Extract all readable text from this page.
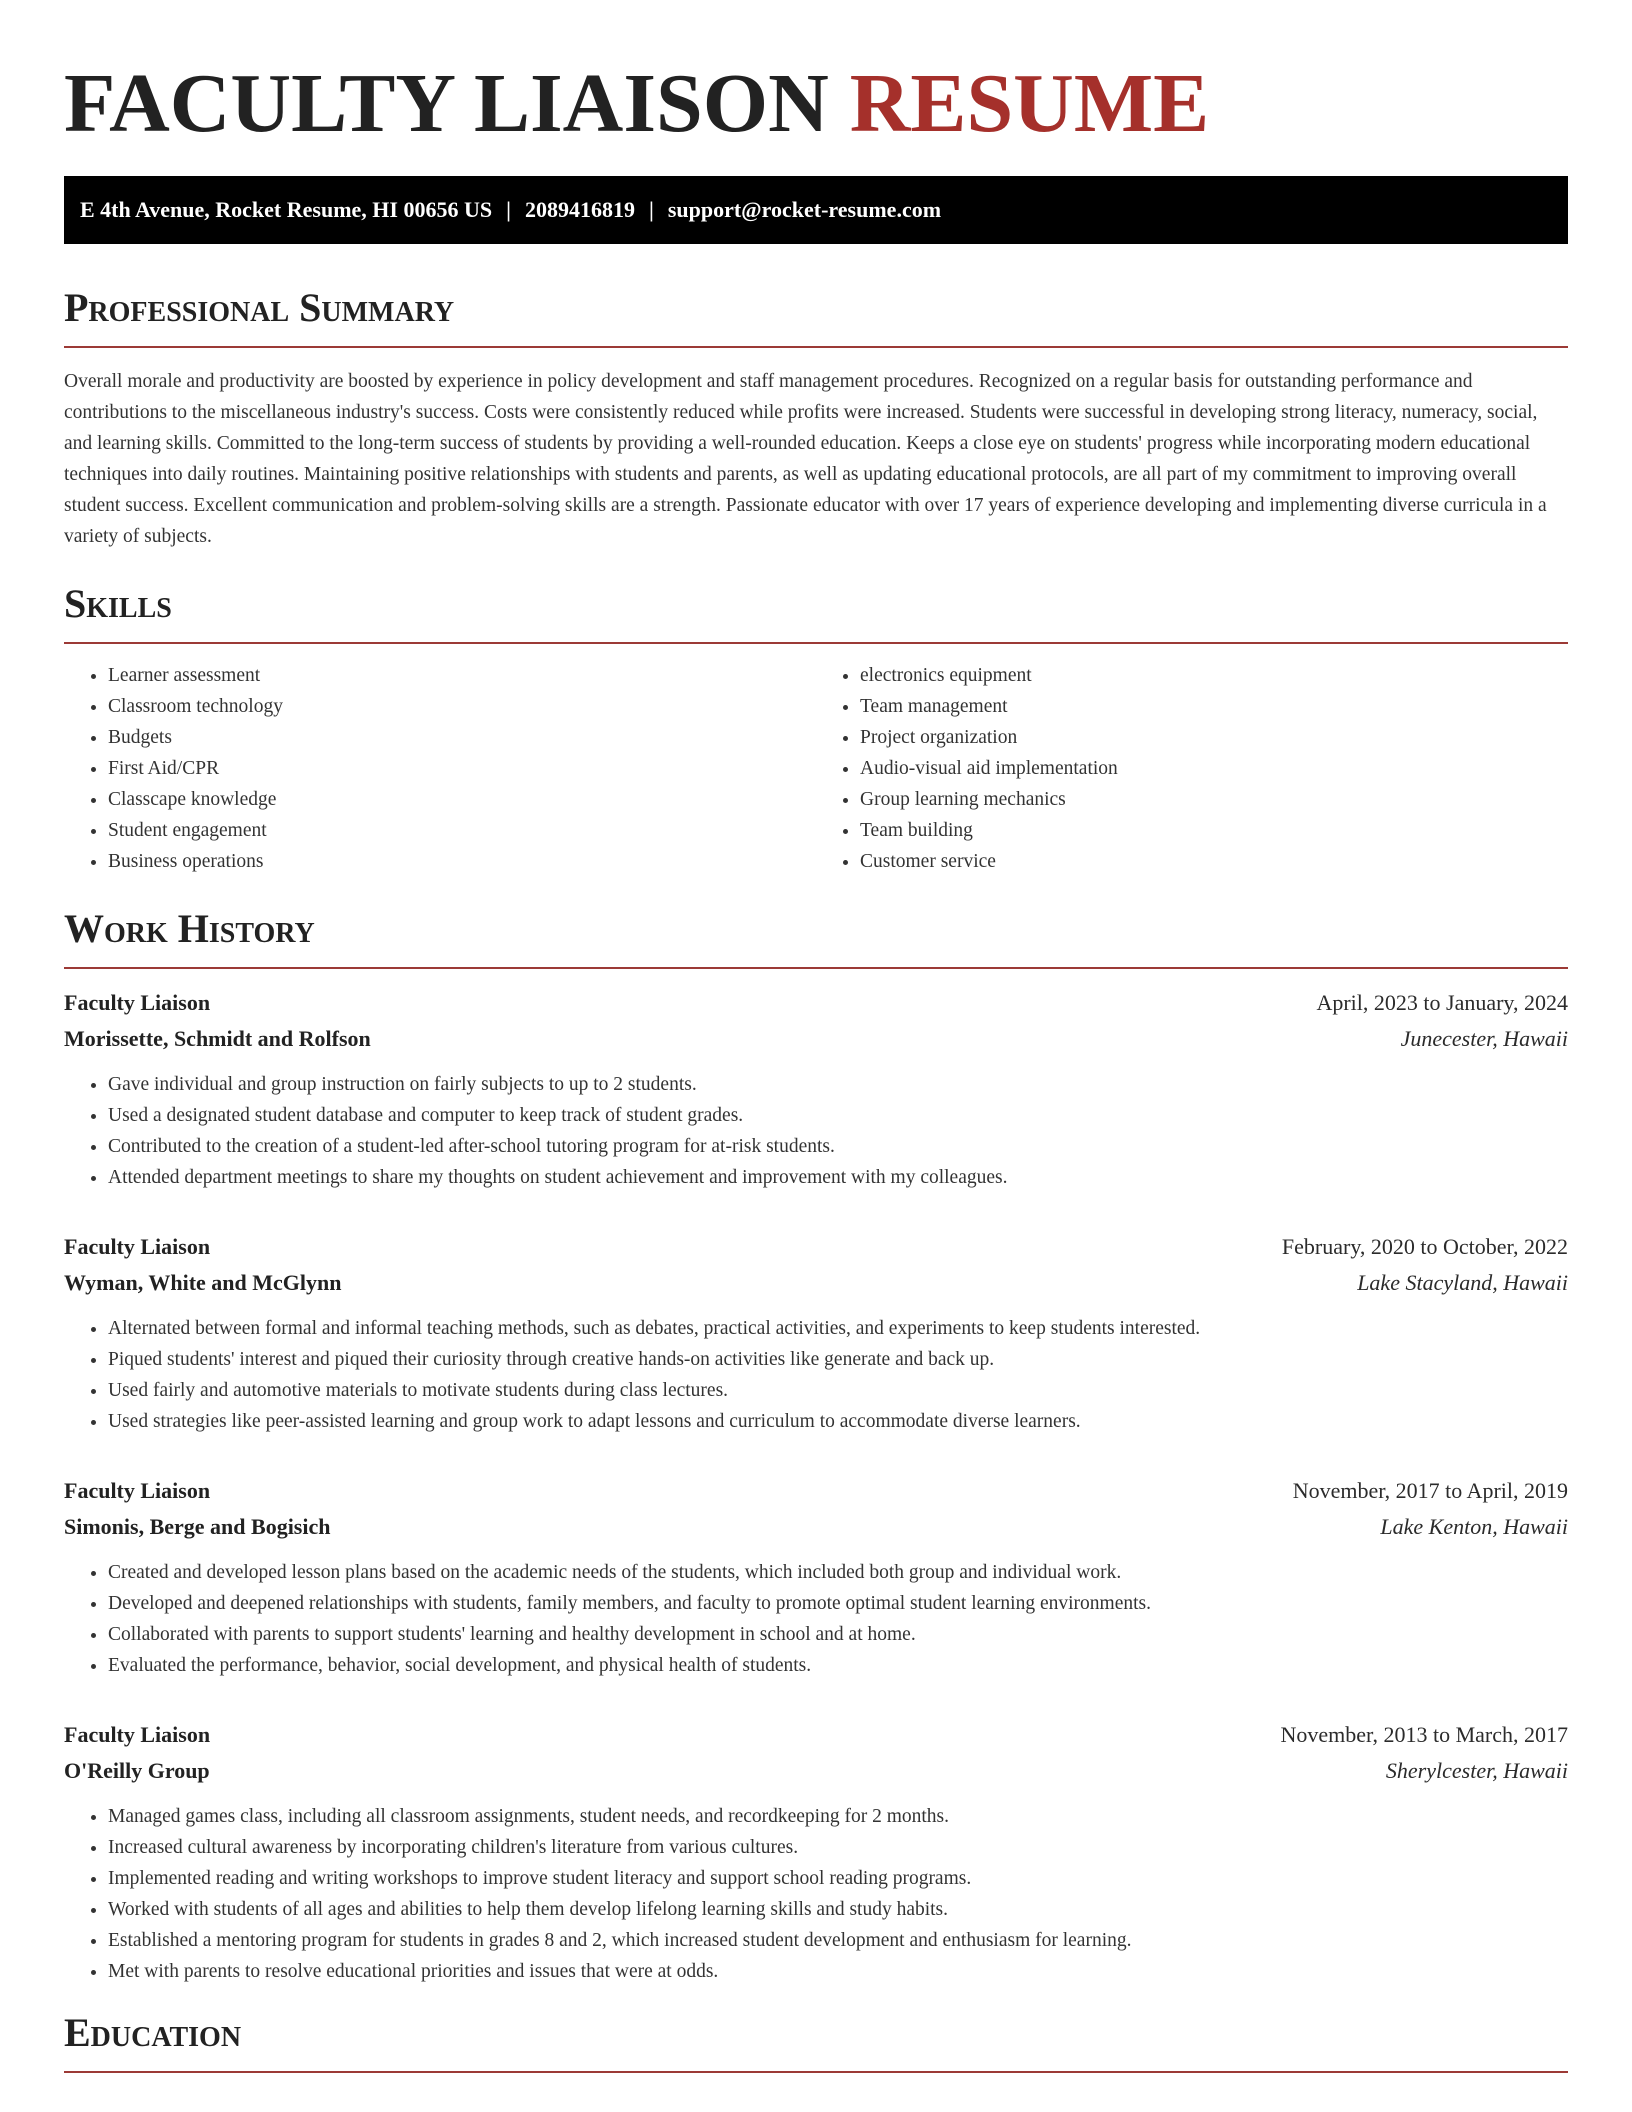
FACULTY LIAISON RESUME
E 4th Avenue, Rocket Resume, HI 00656 US | 2089416819 | support@rocket-resume.com
Professional Summary

Overall morale and productivity are boosted by experience in policy development and staff management procedures. Recognized on a regular basis for outstanding performance and contributions to the miscellaneous industry's success. Costs were consistently reduced while profits were increased. Students were successful in developing strong literacy, numeracy, social, and learning skills. Committed to the long-term success of students by providing a well-rounded education. Keeps a close eye on students' progress while incorporating modern educational techniques into daily routines. Maintaining positive relationships with students and parents, as well as updating educational protocols, are all part of my commitment to improving overall student success. Excellent communication and problem-solving skills are a strength. Passionate educator with over 17 years of experience developing and implementing diverse curricula in a variety of subjects.

Skills
• Learner assessment
• Classroom technology
• Budgets
• First Aid/CPR
• Classcape knowledge
• Student engagement
• Business operations
• electronics equipment
• Team management
• Project organization
• Audio-visual aid implementation
• Group learning mechanics
• Team building
• Customer service
Work History
Faculty Liaison	April, 2023 to January, 2024
Morissette, Schmidt and Rolfson	Junecester, Hawaii
• Gave individual and group instruction on fairly subjects to up to 2 students.
• Used a designated student database and computer to keep track of student grades.
• Contributed to the creation of a student-led after-school tutoring program for at-risk students.
• Attended department meetings to share my thoughts on student achievement and improvement with my colleagues.
Faculty Liaison	February, 2020 to October, 2022
Wyman, White and McGlynn	Lake Stacyland, Hawaii
• Alternated between formal and informal teaching methods, such as debates, practical activities, and experiments to keep students interested.
• Piqued students' interest and piqued their curiosity through creative hands-on activities like generate and back up.
• Used fairly and automotive materials to motivate students during class lectures.
• Used strategies like peer-assisted learning and group work to adapt lessons and curriculum to accommodate diverse learners.
Faculty Liaison	November, 2017 to April, 2019
Simonis, Berge and Bogisich	Lake Kenton, Hawaii
• Created and developed lesson plans based on the academic needs of the students, which included both group and individual work.
• Developed and deepened relationships with students, family members, and faculty to promote optimal student learning environments.
• Collaborated with parents to support students' learning and healthy development in school and at home.
• Evaluated the performance, behavior, social development, and physical health of students.
Faculty Liaison	November, 2013 to March, 2017
O'Reilly Group	Sherylcester, Hawaii
• Managed games class, including all classroom assignments, student needs, and recordkeeping for 2 months.
• Increased cultural awareness by incorporating children's literature from various cultures.
• Implemented reading and writing workshops to improve student literacy and support school reading programs.
• Worked with students of all ages and abilities to help them develop lifelong learning skills and study habits.
• Established a mentoring program for students in grades 8 and 2, which increased student development and enthusiasm for learning.
• Met with parents to resolve educational priorities and issues that were at odds.
Education
